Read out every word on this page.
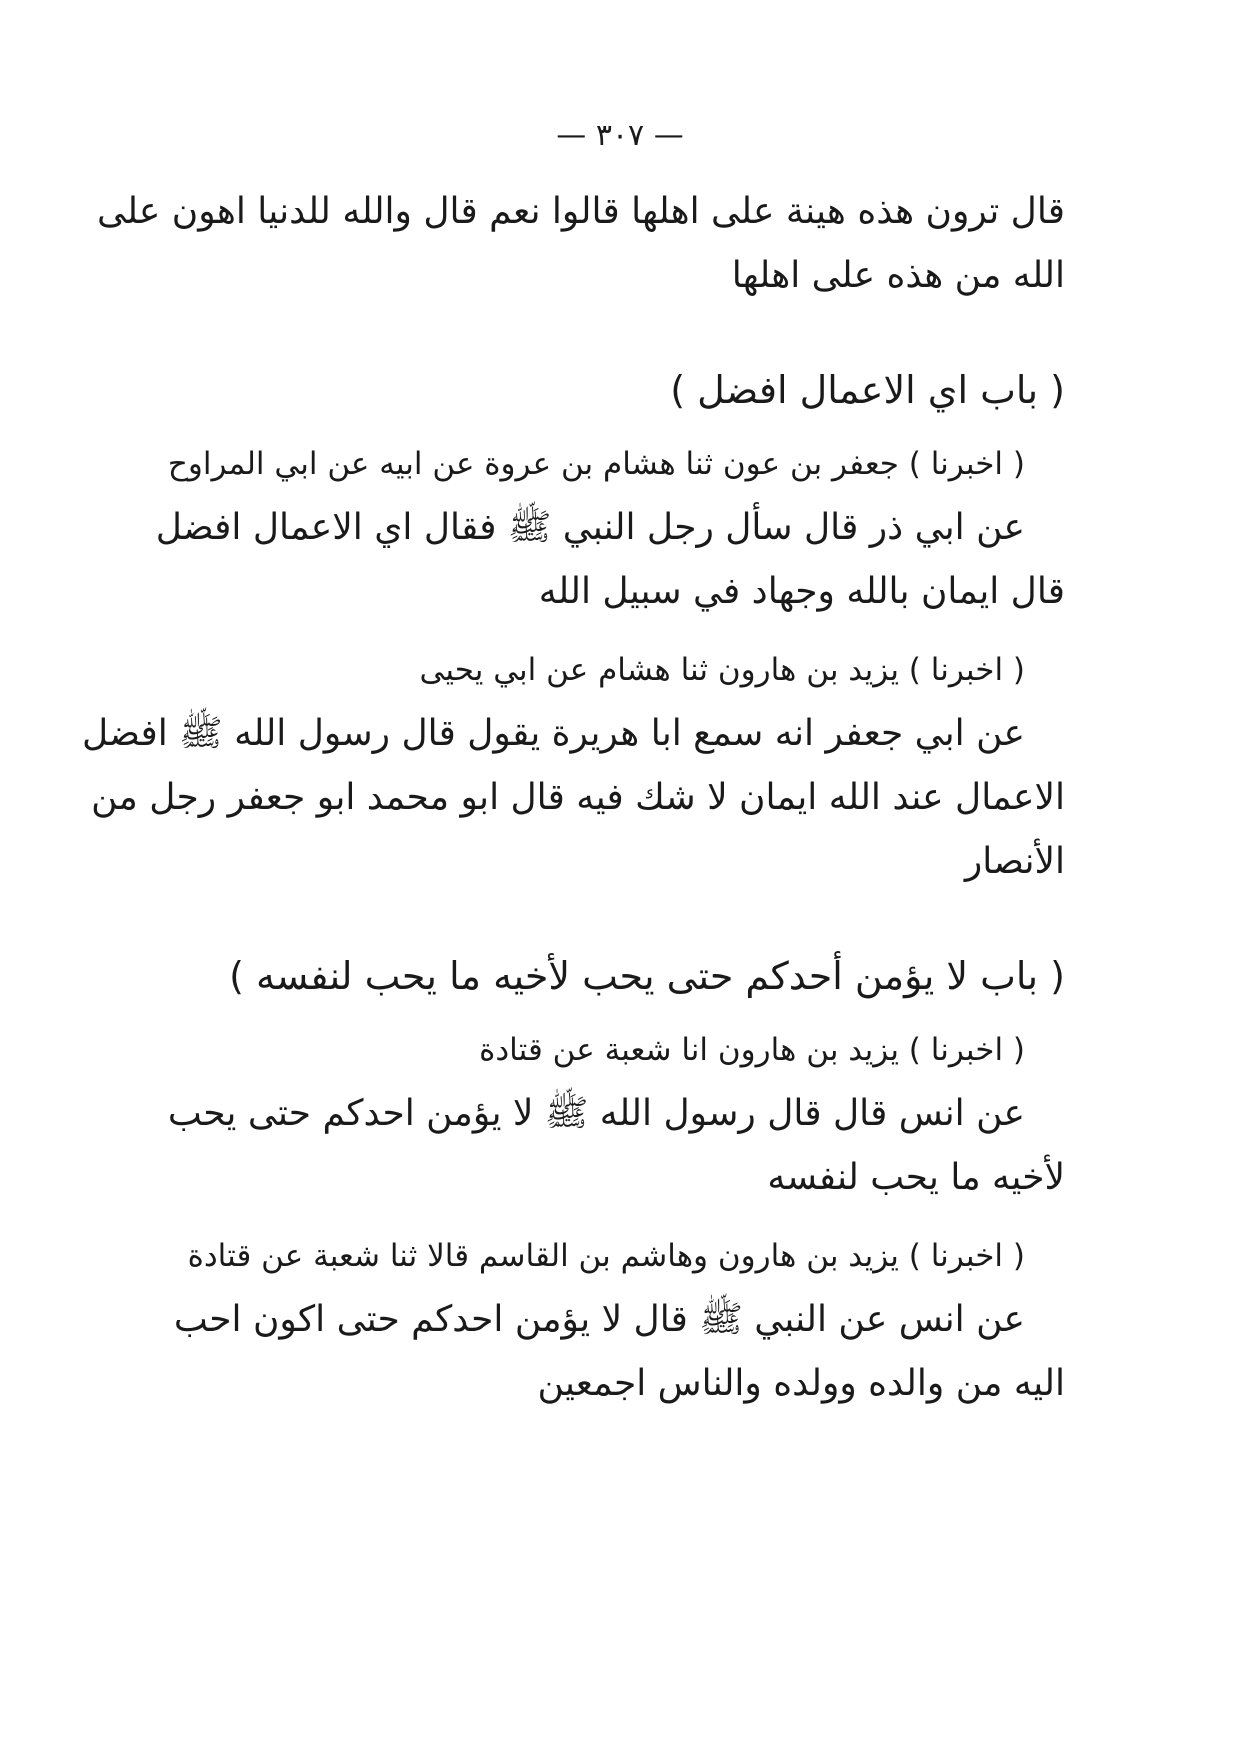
— ٣٠٧ —
قال ترون هذه هينة على اهلها قالوا نعم قال والله للدنيا اهون على
الله من هذه على اهلها
( باب اي الاعمال افضل )
( اخبرنا ) جعفر بن عون ثنا هشام بن عروة عن ابيه عن ابي المراوح
عن ابي ذر قال سأل رجل النبي ﷺ فقال اي الاعمال افضل
قال ايمان بالله وجهاد في سبيل الله
( اخبرنا ) يزيد بن هارون ثنا هشام عن ابي يحيى
عن ابي جعفر انه سمع ابا هريرة يقول قال رسول الله ﷺ افضل
الاعمال عند الله ايمان لا شك فيه قال ابو محمد ابو جعفر رجل من
الأنصار
( باب لا يؤمن أحدكم حتى يحب لأخيه ما يحب لنفسه )
( اخبرنا ) يزيد بن هارون انا شعبة عن قتادة
عن انس قال قال رسول الله ﷺ لا يؤمن احدكم حتى يحب
لأخيه ما يحب لنفسه
( اخبرنا ) يزيد بن هارون وهاشم بن القاسم قالا ثنا شعبة عن قتادة
عن انس عن النبي ﷺ قال لا يؤمن احدكم حتى اكون احب
اليه من والده وولده والناس اجمعين
